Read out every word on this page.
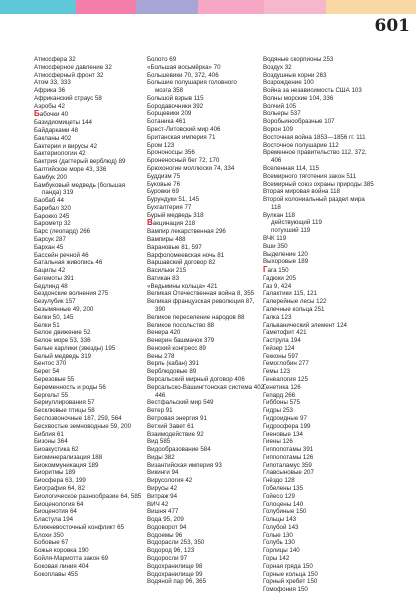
601
Атмосфера 32
Атмосферное давление 32
Атмосферный фронт 32
Атом 33, 333
Африка 36
Африканский страус 58
Аэробы 42
Бабочки 40
Базидиомицеты 144
Байдарками 48
Бакланы 402
Бактерии и вирусы 42
Бактериологии 42
Бактрия (дагтерый верблюд) 89
Балтийское море 43, 336
Бамбук 200
Бамбуковый медведь (большая
панда) 319
Баобаб 44
Барибал 320
Барокко 245
Барометр 32
Барс (леопард) 266
Барсук 287
Бархан 45
Бассейн речной 46
Батальная живопись 46
Бацилы 42
Бегемоты 391
Бедлинд 48
Бездонские волнения 275
Безулубик 157
Безымянные 49, 200
Белки 50, 145
Белки 51
Белое движение 52
Белое море 53, 336
Белые карлики (звезды) 195
Белый медведь 319
Бентос 370
Берег 54
Березовые 55
Беременность и роды 56
Бергельт 55
Бериуллирования 57
Бесклювые птицы 58
Беспозвоночные 187, 259, 564
Бесхвостые земноводные 59, 200
Библия 61
Бизоны 364
Биоакустика 62
Биоминерализация 188
Биокоммуникация 189
Биоритмы 189
Биосфера 63, 199
Биография 64, 82
Биологическое разнообразие 64, 585
Биоценология 64
Биоценотия 64
Бластула 194
Ближневосточный конфликт 65
Блохи 350
Бобовые 67
Божья коровка 190
Бойля-Мариотта закон 69
Боковая линия 404
Бокоплавы 455
Болото 69
«Большая восьмёрка» 70
Большевики 70, 372, 406
Большие полушария головного
мозга 358
Большой взрыв 115
Бородавочники 392
Борщевики 209
Ботаника 461
Брест-Литовский мир 406
Британская империя 71
Бром 123
Брононосцы 356
Броненосный бег 72, 170
Брюхоногие моллюски 74, 334
Буддизм 75
Буковые 76
Буровки 69
Бурундуки 51, 145
Бухгалтерия 77
Бурый медведь 318
Вакцинация 218
Вампир лекарственная 296
Вампиры 488
Варановые 81, 597
Варфоломеевская ночь 81
Варшавский договор 82
Васильки 215
Ватикан 83
«Ведьмины кольца» 421
Великая Отечественная война 8, 355
Великая французская революция 87,
390
Великое переселение народов 88
Великое посольство 88
Венера 420
Венерин башмачок 379
Венский конгресс 89
Вены 278
Верль (кабан) 391
Верблюдовые 89
Версальский мирный договор 406
Версальско-Вашингтонская система 402,
446
Вестфальский мир 549
Ветер 91
Ветровая энергия 91
Ветхий Завет 61
Взаимодействие 92
Вид 585
Видообразование 584
Виды 382
Византийская империя 93
Викинги 94
Вирусология 42
Вирусы 42
Витраж 94
ВИЧ 42
Вишня 477
Вода 95, 209
Водоворот 94
Водоемы 96
Водорасли 253, 350
Водород 96, 123
Водоросли 97
Водохранилище 98
Водохранилище 99
Водяной пар 96, 365
Водяные скорпионы 253
Воздух 32
Воздушные корни 263
Возрождение 100
Война за независимость США 103
Волны морские 104, 336
Волчий 105
Вольеры 537
Воробьинообразные 107
Ворон 109
Восточная война 1853—1856 гг. 111
Восточное полушарие 112
Временное правительство 112, 372,
406
Вселенная 114, 115
Всемирного тяготения закон 511
Всемирный союз охраны природы 385
Вторая мировая война 118
Второй колониальный раздел мира
118
Вулкан 118
действующий 119
потухший 119
ВЧК 119
Вши 350
Выделение 120
Выхоровые 189
Гага 150
Гадюки 205
Газ 9, 424
Галактики 115, 121
Галерейные лесы 122
Галечные кольца 251
Галка 123
Гальванический элемент 124
Гаметофит 421
Гаструла 194
Гейзер 124
Гекконы 597
Гемоглобин 277
Гемы 123
Генеалогия 125
Генетика 126
Гепард 266
Гиббоны 575
Гидры 253
Гидроидные 97
Гидросфера 199
Гиеновые 134
Гиены 126
Гиппопотамы 391
Гиппопотамы 126
Гипоталамус 359
Главсыновые 207
Гнёздо 128
Гобелены 135
Гойесо 129
Голоцены 140
Голубиные 150
Гольцы 143
Голубой 143
Голые 130
Голубь 130
Горлицы 140
Горы 142
Горная гряда 150
Горные кольца 150
Горный хребет 150
Гомофония 150
